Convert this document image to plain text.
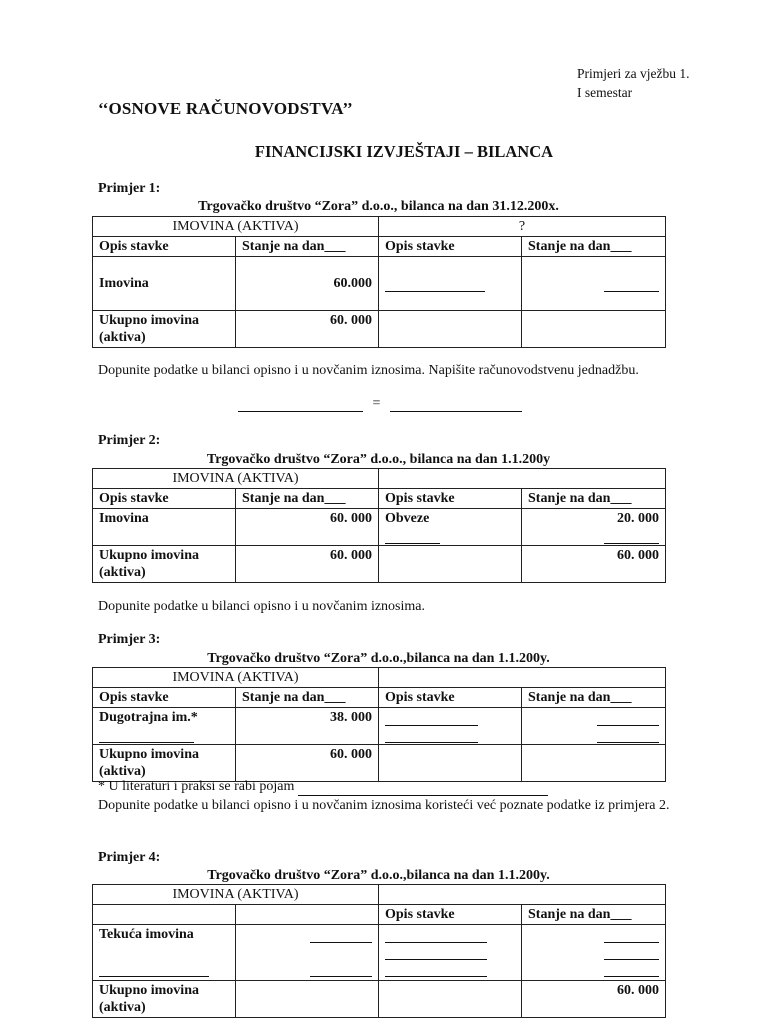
Primjeri za vježbu 1.
I semestar
‘‘OSNOVE RAČUNOVODSTVA’’
FINANCIJSKI IZVJEŠTAJI – BILANCA
Primjer 1:
Trgovačko društvo “Zora” d.o.o., bilanca na dan 31.12.200x.
IMOVINA (AKTIVA)		?	
Opis stavke	Stanje na dan___	Opis stavke	Stanje na dan___
Imovina	60.000		
Ukupno imovina
(aktiva)	60. 000		
Dopunite podatke u bilanci opisno i u novčanim iznosima. Napišite računovodstvenu jednadžbu.
=
Primjer 2:
Trgovačko društvo “Zora” d.o.o., bilanca na dan 1.1.200y
IMOVINA (AKTIVA)			
Opis stavke	Stanje na dan___	Opis stavke	Stanje na dan___
Imovina	60. 000	Obveze	20. 000

Ukupno imovina
(aktiva)	60. 000		60. 000
Dopunite podatke u bilanci opisno i u novčanim iznosima.
Primjer 3:
Trgovačko društvo “Zora” d.o.o.,bilanca na dan 1.1.200y.
IMOVINA (AKTIVA)			
Opis stavke	Stanje na dan___	Opis stavke	Stanje na dan___
Dugotrajna im.*	38. 000	

Ukupno imovina
(aktiva)	60. 000		
* U literaturi i praksi se rabi pojam
Dopunite podatke u bilanci opisno i u novčanim iznosima koristeći već poznate podatke iz primjera 2.
Primjer 4:
Trgovačko društvo “Zora” d.o.o.,bilanca na dan 1.1.200y.
IMOVINA (AKTIVA)			
		Opis stavke	Stanje na dan___
Tekuća imovina

Ukupno imovina
(aktiva)			60. 000
